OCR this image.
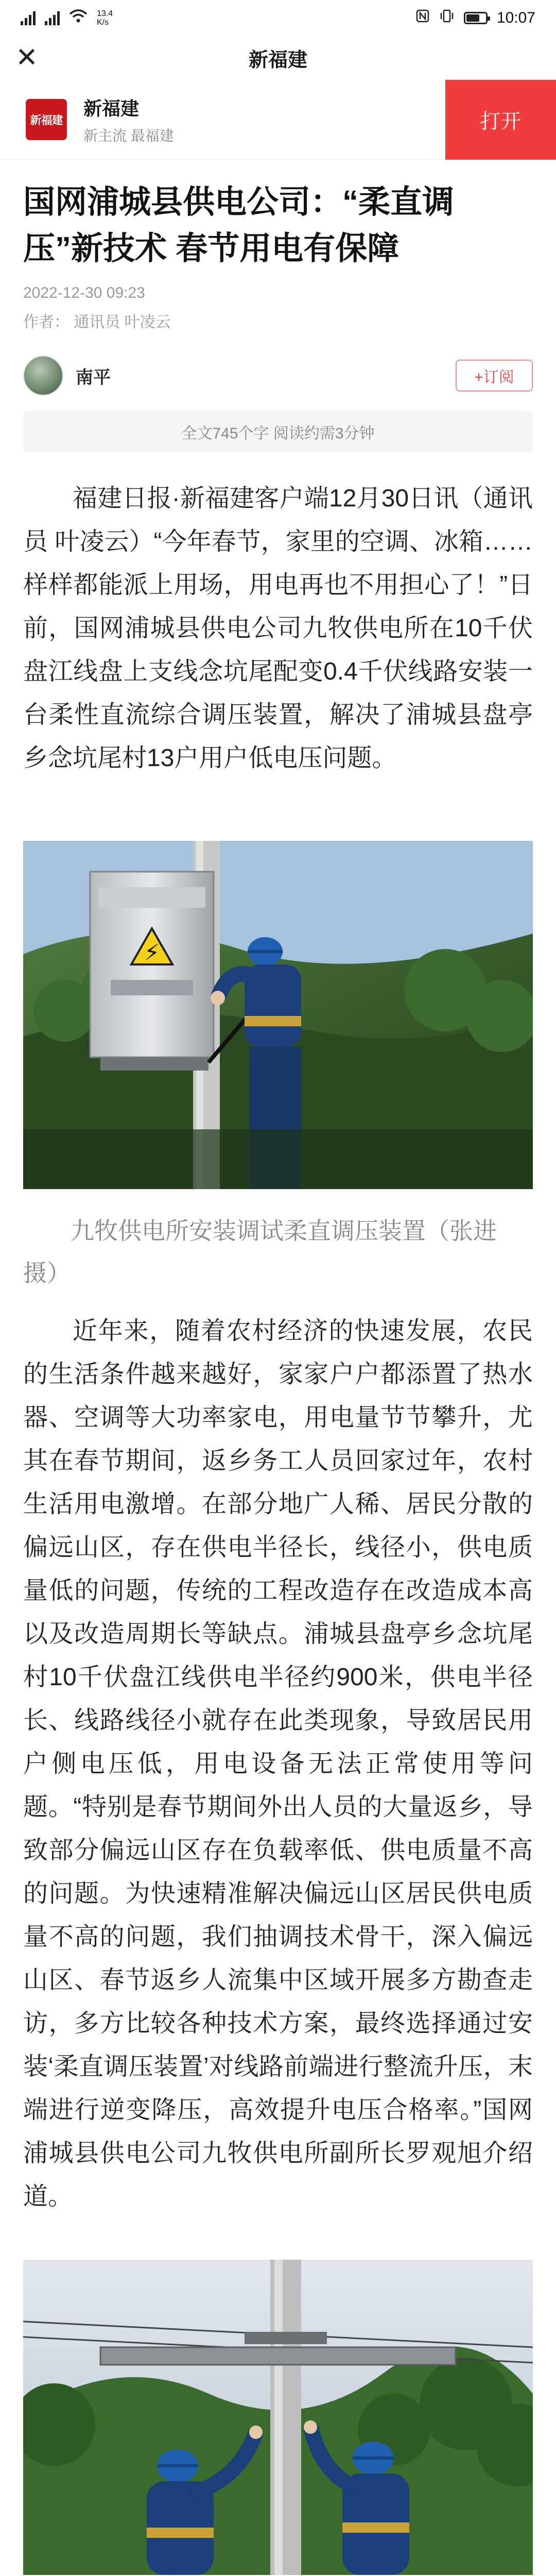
13.4
K/s	10:07
✕	新福建
新福建
新福建
新主流 最福建
打开
国网浦城县供电公司：“柔直调压”新技术 春节用电有保障
2022-12-30 09:23
作者： 通讯员 叶凌云
南平	+订阅
全文745个字 阅读约需3分钟

福建日报·新福建客户端12月30日讯（通讯员 叶凌云）“今年春节，家里的空调、冰箱……样样都能派上用场，用电再也不用担心了！”日前，国网浦城县供电公司九牧供电所在10千伏盘江线盘上支线念坑尾配变0.4千伏线路安装一台柔性直流综合调压装置，解决了浦城县盘亭乡念坑尾村13户用户低电压问题。

⚡

九牧供电所安装调试柔直调压装置（张进 摄）

近年来，随着农村经济的快速发展，农民的生活条件越来越好，家家户户都添置了热水器、空调等大功率家电，用电量节节攀升，尤其在春节期间，返乡务工人员回家过年，农村生活用电激增。在部分地广人稀、居民分散的偏远山区，存在供电半径长，线径小，供电质量低的问题，传统的工程改造存在改造成本高以及改造周期长等缺点。浦城县盘亭乡念坑尾村10千伏盘江线供电半径约900米，供电半径长、线路线径小就存在此类现象，导致居民用户侧电压低，用电设备无法正常使用等问题。“特别是春节期间外出人员的大量返乡，导致部分偏远山区存在负载率低、供电质量不高的问题。为快速精准解决偏远山区居民供电质量不高的问题，我们抽调技术骨干，深入偏远山区、春节返乡人流集中区域开展多方勘查走访，多方比较各种技术方案，最终选择通过安装‘柔直调压装置’对线路前端进行整流升压，末端进行逆变降压，高效提升电压合格率。”国网浦城县供电公司九牧供电所副所长罗观旭介绍道。
